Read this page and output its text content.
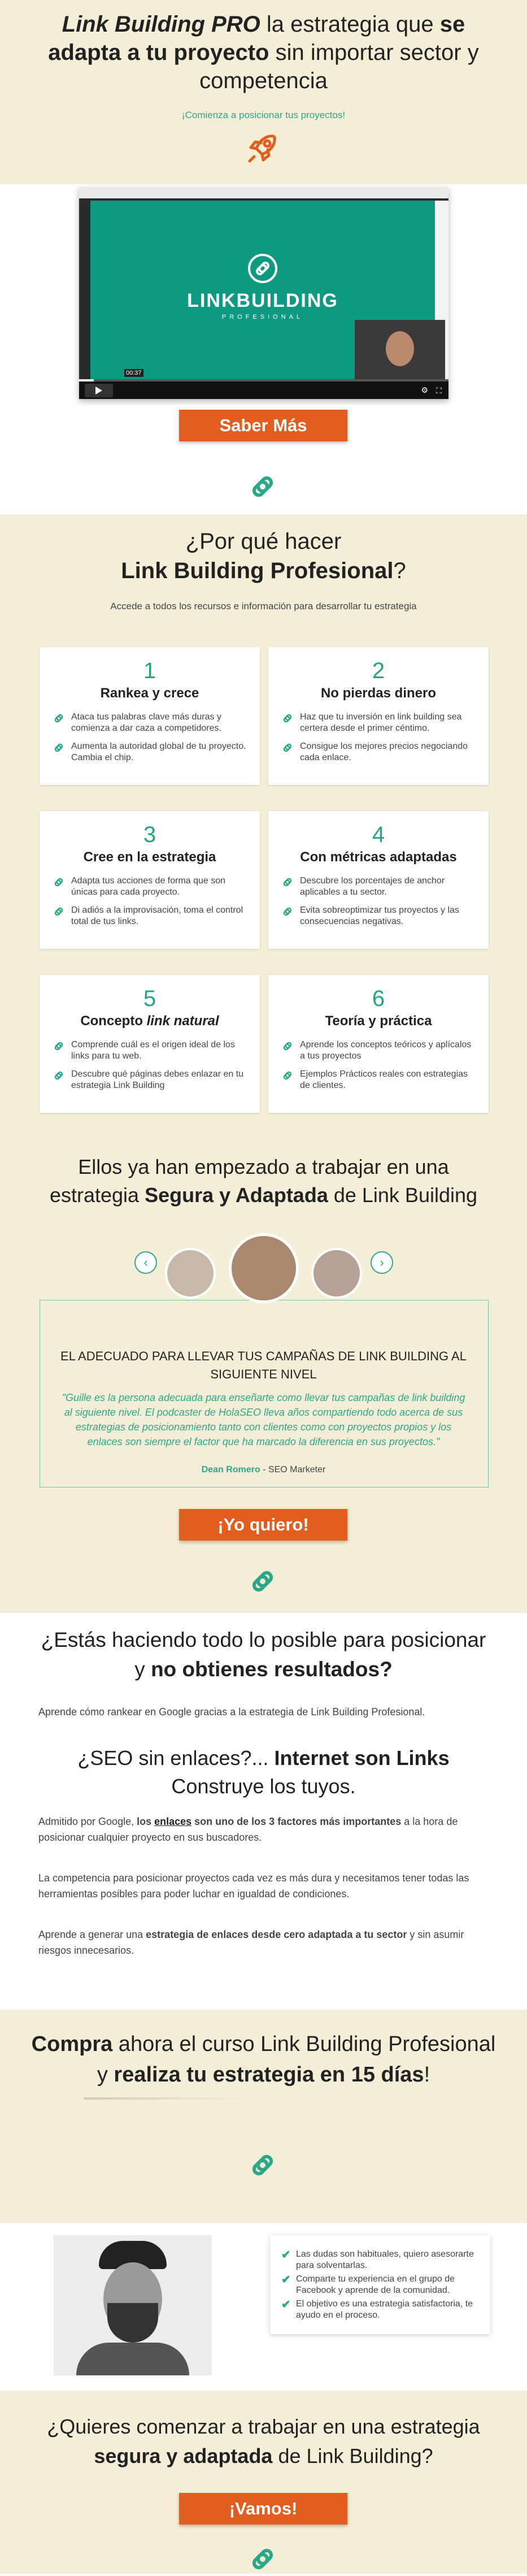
Link Building PRO la estrategia que se adapta a tu proyecto sin importar sector y competencia
¡Comienza a posicionar tus proyectos!
LINKBUILDING
PROFESIONAL
00:37
⛶
⚙
Saber Más
¿Por qué hacer
Link Building Profesional?
Accede a todos los recursos e información para desarrollar tu estrategia
1
Rankea y crece
Ataca tus palabras clave más duras y comienza a dar caza a competidores.
Aumenta la autoridad global de tu proyecto. Cambia el chip.
2
No pierdas dinero
Haz que tu inversión en link building sea certera desde el primer céntimo.
Consigue los mejores precios negociando cada enlace.
3
Cree en la estrategia
Adapta tus acciones de forma que son únicas para cada proyecto.
Di adiós a la improvisación, toma el control total de tus links.
4
Con métricas adaptadas
Descubre los porcentajes de anchor aplicables a tu sector.
Evita sobreoptimizar tus proyectos y las consecuencias negativas.
5
Concepto link natural
Comprende cuál es el origen ideal de los links para tu web.
Descubre qué páginas debes enlazar en tu estrategia Link Building
6
Teoría y práctica
Aprende los conceptos teóricos y aplícalos a tus proyectos
Ejemplos Prácticos reales con estrategias de clientes.
Ellos ya han empezado a trabajar en una
estrategia Segura y Adaptada de Link Building
‹	›
EL ADECUADO PARA LLEVAR TUS CAMPAÑAS DE LINK BUILDING AL SIGUIENTE NIVEL
"Guille es la persona adecuada para enseñarte como llevar tus campañas de link building al siguiente nivel. El podcaster de HolaSEO lleva años compartiendo todo acerca de sus estrategias de posicionamiento tanto con clientes como con proyectos propios y los enlaces son siempre el factor que ha marcado la diferencia en sus proyectos."
Dean Romero - SEO Marketer
¡Yo quiero!
¿Estás haciendo todo lo posible para posicionar
y no obtienes resultados?
Aprende cómo rankear en Google gracias a la estrategia de Link Building Profesional.
¿SEO sin enlaces?... Internet son Links
Construye los tuyos.

Admitido por Google, los enlaces son uno de los 3 factores más importantes a la hora de posicionar cualquier proyecto en sus buscadores.

La competencia para posicionar proyectos cada vez es más dura y necesitamos tener todas las herramientas posibles para poder luchar en igualdad de condiciones.

Aprende a generar una estrategia de enlaces desde cero adaptada a tu sector y sin asumir riesgos innecesarios.

Compra ahora el curso Link Building Profesional
y realiza tu estrategia en 15 días!
✔ Las dudas son habituales, quiero asesorarte para solventarlas.
✔ Comparte tu experiencia en el grupo de Facebook y aprende de la comunidad.
✔ El objetivo es una estrategia satisfactoria, te ayudo en el proceso.
¿Quieres comenzar a trabajar en una estrategia
segura y adaptada de Link Building?
¡Vamos!
